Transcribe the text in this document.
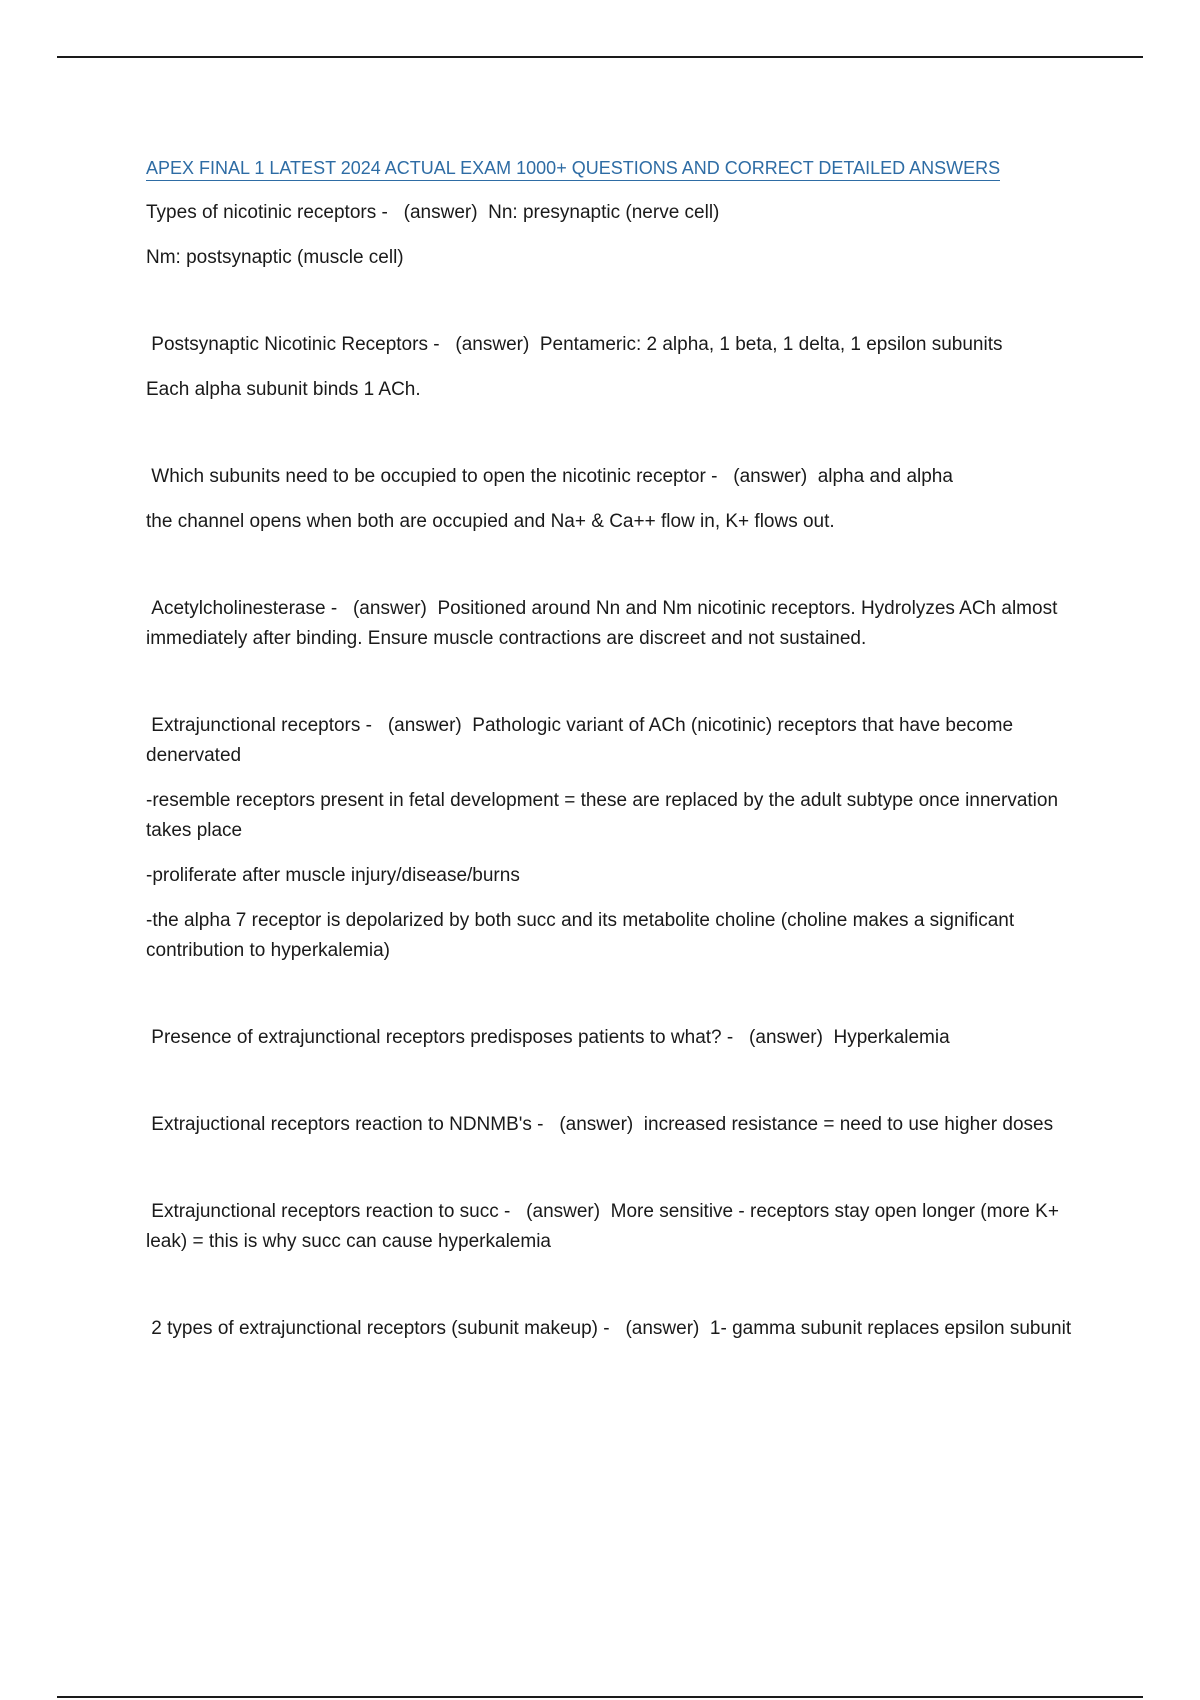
APEX FINAL 1 LATEST 2024 ACTUAL EXAM 1000+ QUESTIONS AND CORRECT DETAILED ANSWERS

Types of nicotinic receptors -   (answer)  Nn: presynaptic (nerve cell)

Nm: postsynaptic (muscle cell)

Postsynaptic Nicotinic Receptors -   (answer)  Pentameric: 2 alpha, 1 beta, 1 delta, 1 epsilon subunits

Each alpha subunit binds 1 ACh.

Which subunits need to be occupied to open the nicotinic receptor -   (answer)  alpha and alpha

the channel opens when both are occupied and Na+ & Ca++ flow in, K+ flows out.

Acetylcholinesterase -   (answer)  Positioned around Nn and Nm nicotinic receptors. Hydrolyzes ACh almost immediately after binding. Ensure muscle contractions are discreet and not sustained.

Extrajunctional receptors -   (answer)  Pathologic variant of ACh (nicotinic) receptors that have become denervated

-resemble receptors present in fetal development = these are replaced by the adult subtype once innervation takes place

-proliferate after muscle injury/disease/burns

-the alpha 7 receptor is depolarized by both succ and its metabolite choline (choline makes a significant contribution to hyperkalemia)

Presence of extrajunctional receptors predisposes patients to what? -   (answer)  Hyperkalemia

Extrajuctional receptors reaction to NDNMB's -   (answer)  increased resistance = need to use higher doses

Extrajunctional receptors reaction to succ -   (answer)  More sensitive - receptors stay open longer (more K+ leak) = this is why succ can cause hyperkalemia

2 types of extrajunctional receptors (subunit makeup) -   (answer)  1- gamma subunit replaces epsilon subunit
